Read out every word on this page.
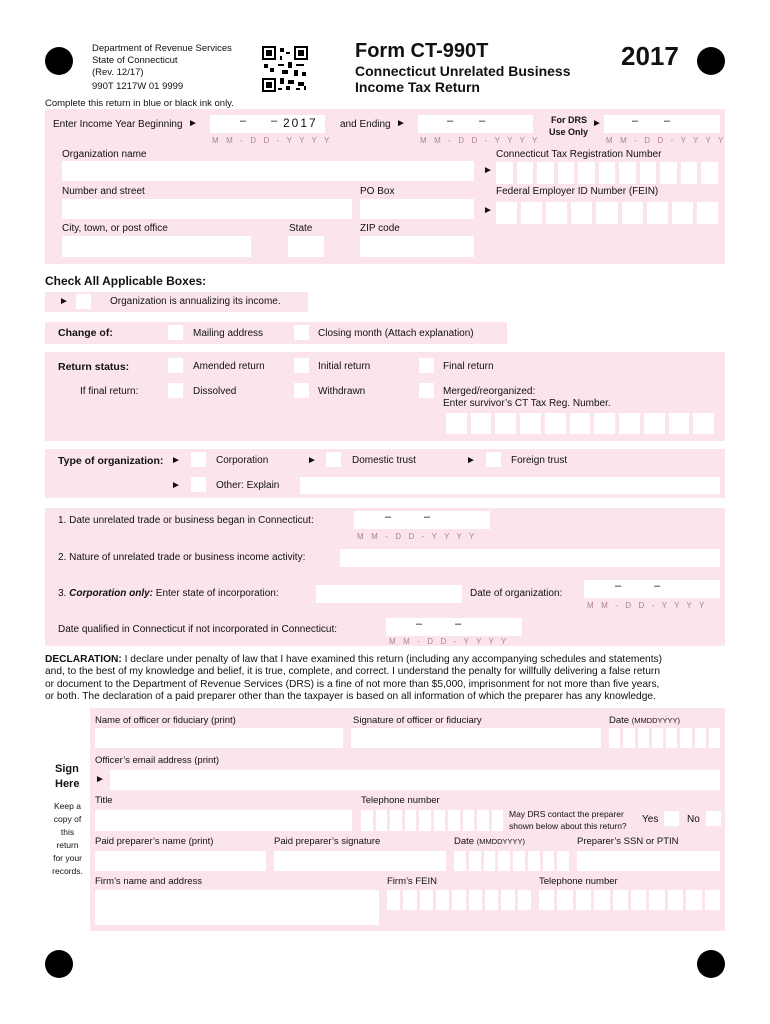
Department of Revenue Services
State of Connecticut
(Rev. 12/17)
990T 1217W 01 9999
Form CT-990T
Connecticut Unrelated Business
Income Tax Return
2017
Complete this return in blue or black ink only.
Enter Income Year Beginning ►	– – 2017
M M - D D - Y Y Y Y
and Ending ►	– –
M M - D D - Y Y Y Y
For DRS
Use Only
►	– –
M M - D D - Y Y Y Y
Organization name	Connecticut Tax Registration Number
►
Number and street	PO Box	Federal Employer ID Number (FEIN)
►
City, town, or post office	State	ZIP code
Check All Applicable Boxes:
►	Organization is annualizing its income.
Change of:	Mailing address	Closing month (Attach explanation)
Return status:	Amended return	Initial return	Final return
If final return:	Dissolved	Withdrawn	Merged/reorganized:
Enter survivor’s CT Tax Reg. Number.
Type of organization: ►	Corporation	►	Domestic trust	►	Foreign trust
►	Other: Explain
1. Date unrelated trade or business began in Connecticut:	–	–
M M - D D - Y Y Y Y
2. Nature of unrelated trade or business income activity:
3. Corporation only: Enter state of incorporation:	Date of organization:
–	–
M M - D D - Y Y Y Y
Date qualified in Connecticut if not incorporated in Connecticut:	–	–
M M - D D - Y Y Y Y
DECLARATION: I declare under penalty of law that I have examined this return (including any accompanying schedules and statements)
and, to the best of my knowledge and belief, it is true, complete, and correct. I understand the penalty for willfully delivering a false return
or document to the Department of Revenue Services (DRS) is a fine of not more than $5,000, imprisonment for not more than five years,
or both. The declaration of a paid preparer other than the taxpayer is based on all information of which the preparer has any knowledge.
Sign
Here
Keep a
copy of
this
return
for your
records.
Name of officer or fiduciary (print)	Signature of officer or fiduciary	Date (MMDDYYYY)
Officer’s email address (print)
►
Title	Telephone number
May DRS contact the preparer
shown below about this return?
Yes	No
Paid preparer’s name (print)	Paid preparer’s signature	Date (MMDDYYYY)	Preparer’s SSN or PTIN
Firm’s name and address	Firm’s FEIN	Telephone number
